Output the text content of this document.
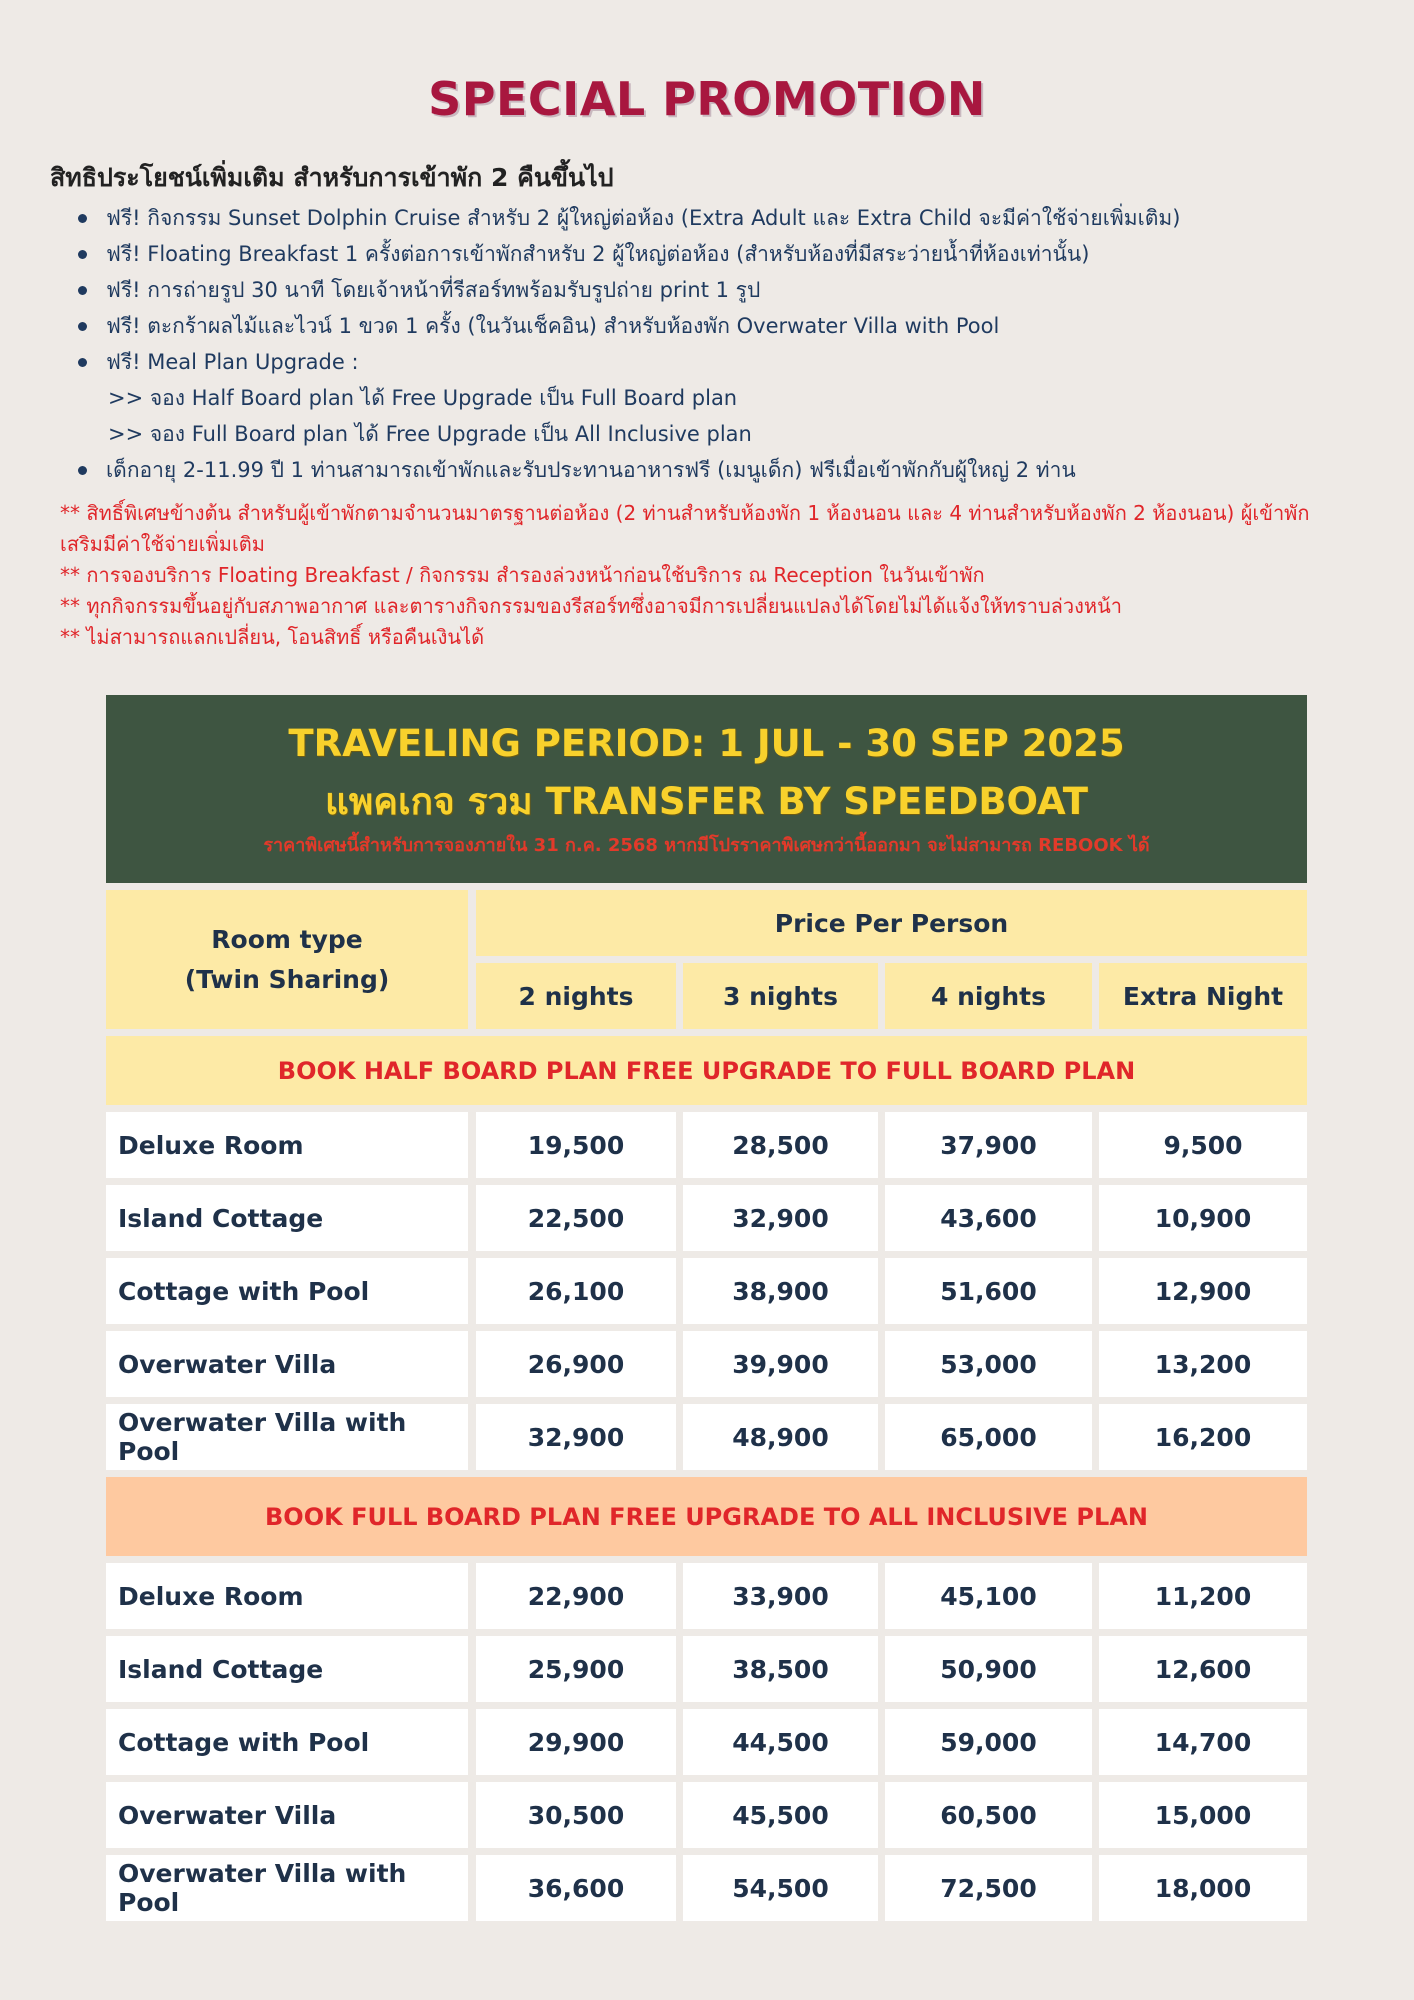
SPECIAL PROMOTION
สิทธิประโยชน์เพิ่มเติม สำหรับการเข้าพัก 2 คืนขึ้นไป
ฟรี! กิจกรรม Sunset Dolphin Cruise สำหรับ 2 ผู้ใหญ่ต่อห้อง (Extra Adult และ Extra Child จะมีค่าใช้จ่ายเพิ่มเติม)
ฟรี! Floating Breakfast 1 ครั้งต่อการเข้าพักสำหรับ 2 ผู้ใหญ่ต่อห้อง (สำหรับห้องที่มีสระว่ายน้ำที่ห้องเท่านั้น)
ฟรี! การถ่ายรูป 30 นาที โดยเจ้าหน้าที่รีสอร์ทพร้อมรับรูปถ่าย print 1 รูป
ฟรี! ตะกร้าผลไม้และไวน์ 1 ขวด 1 ครั้ง (ในวันเช็คอิน) สำหรับห้องพัก Overwater Villa with Pool
ฟรี! Meal Plan Upgrade :
>> จอง Half Board plan ได้ Free Upgrade เป็น Full Board plan
>> จอง Full Board plan ได้ Free Upgrade เป็น All Inclusive plan
เด็กอายุ 2-11.99 ปี 1 ท่านสามารถเข้าพักและรับประทานอาหารฟรี (เมนูเด็ก) ฟรีเมื่อเข้าพักกับผู้ใหญ่ 2 ท่าน

** สิทธิ์พิเศษข้างต้น สำหรับผู้เข้าพักตามจำนวนมาตรฐานต่อห้อง (2 ท่านสำหรับห้องพัก 1 ห้องนอน และ 4 ท่านสำหรับห้องพัก 2 ห้องนอน) ผู้เข้าพักเสริมมีค่าใช้จ่ายเพิ่มเติม

** การจองบริการ Floating Breakfast / กิจกรรม สำรองล่วงหน้าก่อนใช้บริการ ณ Reception ในวันเข้าพัก

** ทุกกิจกรรมขึ้นอยู่กับสภาพอากาศ และตารางกิจกรรมของรีสอร์ทซึ่งอาจมีการเปลี่ยนแปลงได้โดยไม่ได้แจ้งให้ทราบล่วงหน้า

** ไม่สามารถแลกเปลี่ยน, โอนสิทธิ์ หรือคืนเงินได้

TRAVELING PERIOD: 1 JUL - 30 SEP 2025
แพคเกจ รวม TRANSFER BY SPEEDBOAT
ราคาพิเศษนี้สำหรับการจองภายใน 31 ก.ค. 2568 หากมีโปรราคาพิเศษกว่านี้ออกมา จะไม่สามารถ REBOOK ได้
Room type
(Twin Sharing)
Price Per Person
2 nights	3 nights	4 nights	Extra Night
BOOK HALF BOARD PLAN FREE UPGRADE TO FULL BOARD PLAN
Deluxe Room	19,500	28,500	37,900	9,500
Island Cottage	22,500	32,900	43,600	10,900
Cottage with Pool	26,100	38,900	51,600	12,900
Overwater Villa	26,900	39,900	53,000	13,200
Overwater Villa with Pool	32,900	48,900	65,000	16,200
BOOK FULL BOARD PLAN FREE UPGRADE TO ALL INCLUSIVE PLAN
Deluxe Room	22,900	33,900	45,100	11,200
Island Cottage	25,900	38,500	50,900	12,600
Cottage with Pool	29,900	44,500	59,000	14,700
Overwater Villa	30,500	45,500	60,500	15,000
Overwater Villa with Pool	36,600	54,500	72,500	18,000
